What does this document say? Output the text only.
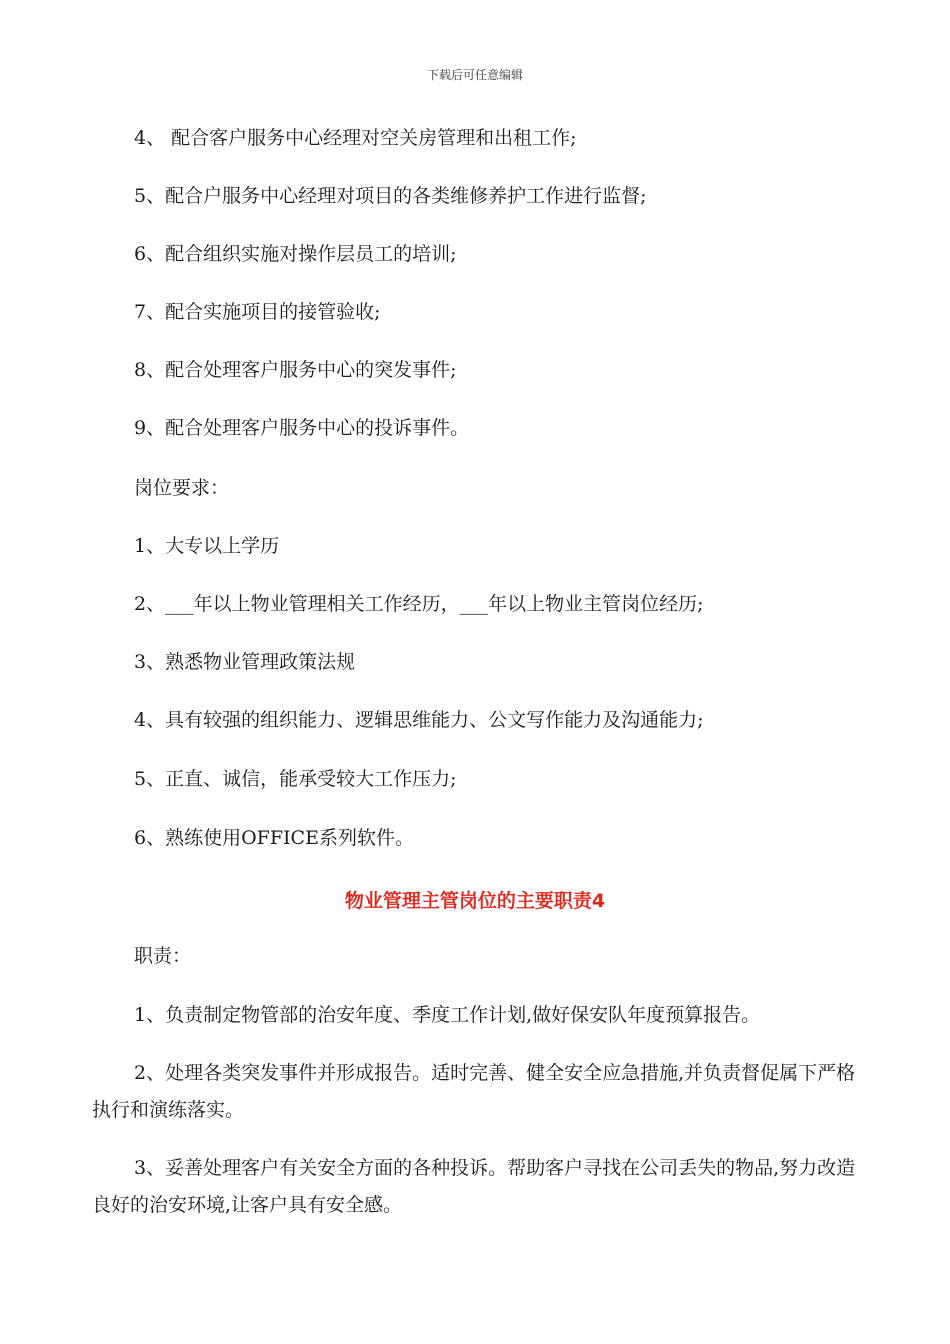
下载后可任意编辑
4、 配合客户服务中心经理对空关房管理和出租工作;
5、配合户服务中心经理对项目的各类维修养护工作进行监督;
6、配合组织实施对操作层员工的培训;
7、配合实施项目的接管验收;
8、配合处理客户服务中心的突发事件;
9、配合处理客户服务中心的投诉事件。
岗位要求：
1、大专以上学历
2、___年以上物业管理相关工作经历，___年以上物业主管岗位经历;
3、熟悉物业管理政策法规
4、具有较强的组织能力、逻辑思维能力、公文写作能力及沟通能力;
5、正直、诚信，能承受较大工作压力;
6、熟练使用OFFICE系列软件。
物业管理主管岗位的主要职责4
职责：
1、负责制定物管部的治安年度、季度工作计划,做好保安队年度预算报告。
2、处理各类突发事件并形成报告。适时完善、健全安全应急措施,并负责督促属下严格执行和演练落实。
3、妥善处理客户有关安全方面的各种投诉。帮助客户寻找在公司丢失的物品,努力改造良好的治安环境,让客户具有安全感。
